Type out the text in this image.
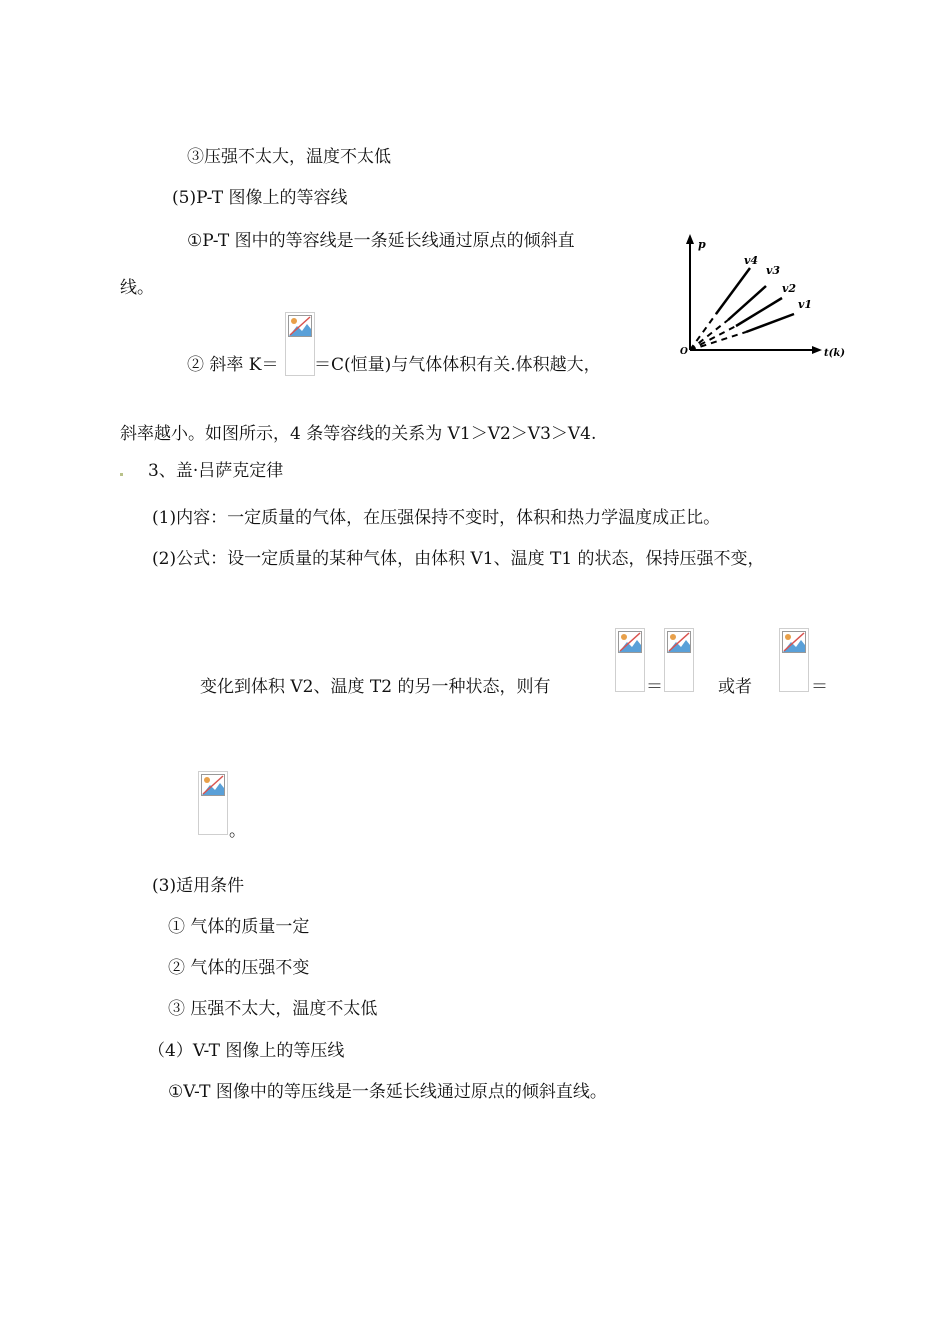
③压强不太大，温度不太低
(5)P-T 图像上的等容线
①P-T 图中的等容线是一条延长线通过原点的倾斜直
线。
② 斜率 K＝ ＝C(恒量)与气体体积有关.体积越大，
p
t(k)
O
v4
v3
v2
v1
斜率越小。如图所示，4 条等容线的关系为 V1＞V2＞V3＞V4.
3、盖·吕萨克定律
(1)内容：一定质量的气体，在压强保持不变时，体积和热力学温度成正比。
(2)公式：设一定质量的某种气体，由体积 V1、温度 T1 的状态，保持压强不变，
变化到体积 V2、温度 T2 的另一种状态，则有	＝	或者	＝
。
(3)适用条件
① 气体的质量一定
② 气体的压强不变
③ 压强不太大，温度不太低
（4）V-T 图像上的等压线
①V-T 图像中的等压线是一条延长线通过原点的倾斜直线。
